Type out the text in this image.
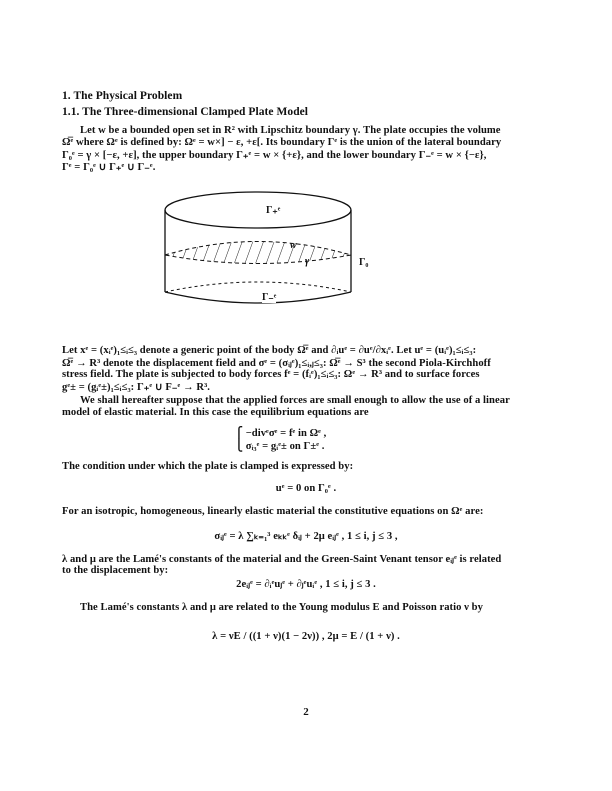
1. The Physical Problem
1.1. The Three-dimensional Clamped Plate Model
Let w be a bounded open set in R² with Lipschitz boundary γ. The plate occupies the volume
Ω̅ᵉ where Ωᵉ is defined by: Ωᵉ = w×] − ε, +ε[. Its boundary Γᵉ is the union of the lateral boundary
Γ₀ᵉ = γ × [−ε, +ε], the upper boundary Γ₊ᵉ = w × {+ε}, and the lower boundary Γ₋ᵉ = w × {−ε},
Γᵉ = Γ₀ᵉ ∪ Γ₊ᵉ ∪ Γ₋ᵉ.
Γ₊ᵉ
w
γ	Γ₀
Γ₋ᵉ
Let xᵉ = (xᵢᵉ)₁≤ᵢ≤₃ denote a generic point of the body Ω̅ᵉ and ∂ᵢuᵉ = ∂uᵉ/∂xᵢᵉ. Let uᵉ = (uᵢᵉ)₁≤ᵢ≤₃:
Ω̅ᵉ → R³ denote the displacement field and σᵉ = (σᵢⱼᵉ)₁≤ᵢ,ⱼ≤₃: Ω̅ᵉ → S³ the second Piola-Kirchhoff
stress field. The plate is subjected to body forces fᵉ = (fᵢᵉ)₁≤ᵢ≤₃: Ωᵉ → R³ and to surface forces
gᵉ± = (gᵢᵉ±)₁≤ᵢ≤₃: Γ₊ᵉ ∪ F₋ᵉ → R³.
We shall hereafter suppose that the applied forces are small enough to allow the use of a linear
model of elastic material. In this case the equilibrium equations are
⎧ −divᵉσᵉ = fᵉ in Ωᵉ ,
⎩ σᵢ₃ᵉ = gᵢᵉ± on Γ±ᵉ .
The condition under which the plate is clamped is expressed by:
uᵉ = 0 on Γ₀ᵉ .
For an isotropic, homogeneous, linearly elastic material the constitutive equations on Ωᵉ are:
σᵢⱼᵉ = λ ∑ₖ₌₁³ eₖₖᵉ δᵢⱼ + 2μ eᵢⱼᵉ , 1 ≤ i, j ≤ 3 ,
λ and μ are the Lamé's constants of the material and the Green-Saint Venant tensor eᵢⱼᵉ is related
to the displacement by:
2eᵢⱼᵉ = ∂ᵢᵉuⱼᵉ + ∂ⱼᵉuᵢᵉ , 1 ≤ i, j ≤ 3 .
The Lamé's constants λ and μ are related to the Young modulus E and Poisson ratio ν by
λ = νE / ((1 + ν)(1 − 2ν)) , 2μ = E / (1 + ν) .
2
